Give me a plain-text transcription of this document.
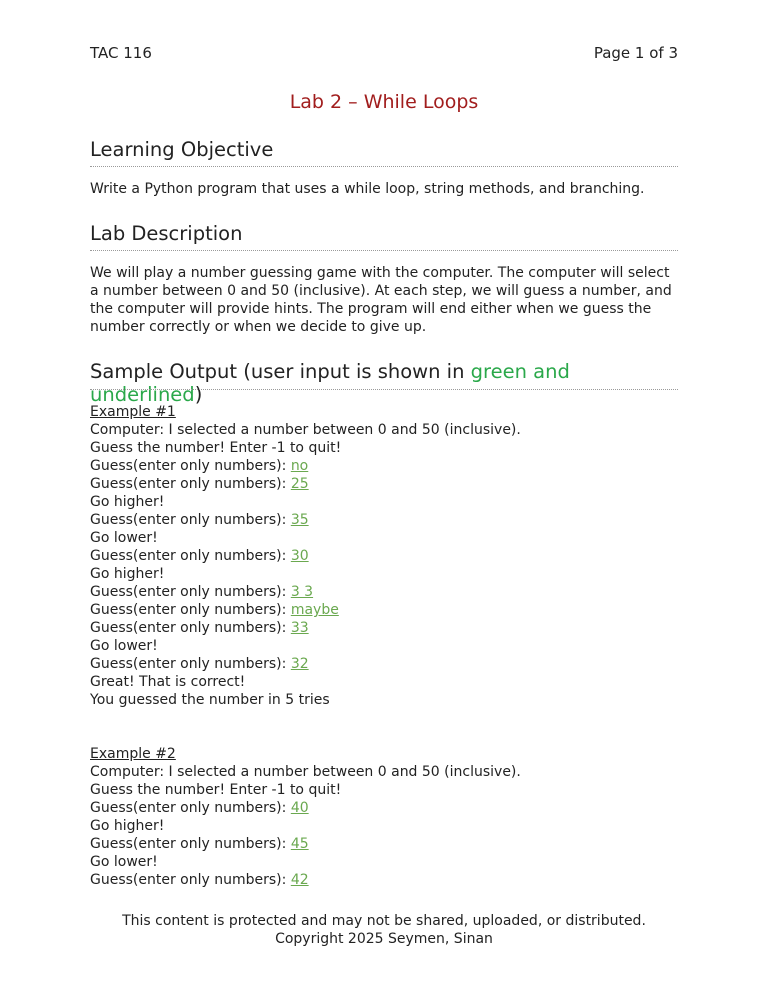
TAC 116	Page 1 of 3
Lab 2 – While Loops
Learning Objective
Write a Python program that uses a while loop, string methods, and branching.
Lab Description
We will play a number guessing game with the computer. The computer will select a number between 0 and 50 (inclusive). At each step, we will guess a number, and the computer will provide hints. The program will end either when we guess the number correctly or when we decide to give up.
Sample Output (user input is shown in green and underlined)
Example #1
Computer: I selected a number between 0 and 50 (inclusive).
Guess the number! Enter -1 to quit!
Guess(enter only numbers): no
Guess(enter only numbers): 25
Go higher!
Guess(enter only numbers): 35
Go lower!
Guess(enter only numbers): 30
Go higher!
Guess(enter only numbers): 3 3
Guess(enter only numbers): maybe
Guess(enter only numbers): 33
Go lower!
Guess(enter only numbers): 32
Great! That is correct!
You guessed the number in 5 tries
Example #2
Computer: I selected a number between 0 and 50 (inclusive).
Guess the number! Enter -1 to quit!
Guess(enter only numbers): 40
Go higher!
Guess(enter only numbers): 45
Go lower!
Guess(enter only numbers): 42
This content is protected and may not be shared, uploaded, or distributed.
Copyright 2025 Seymen, Sinan
